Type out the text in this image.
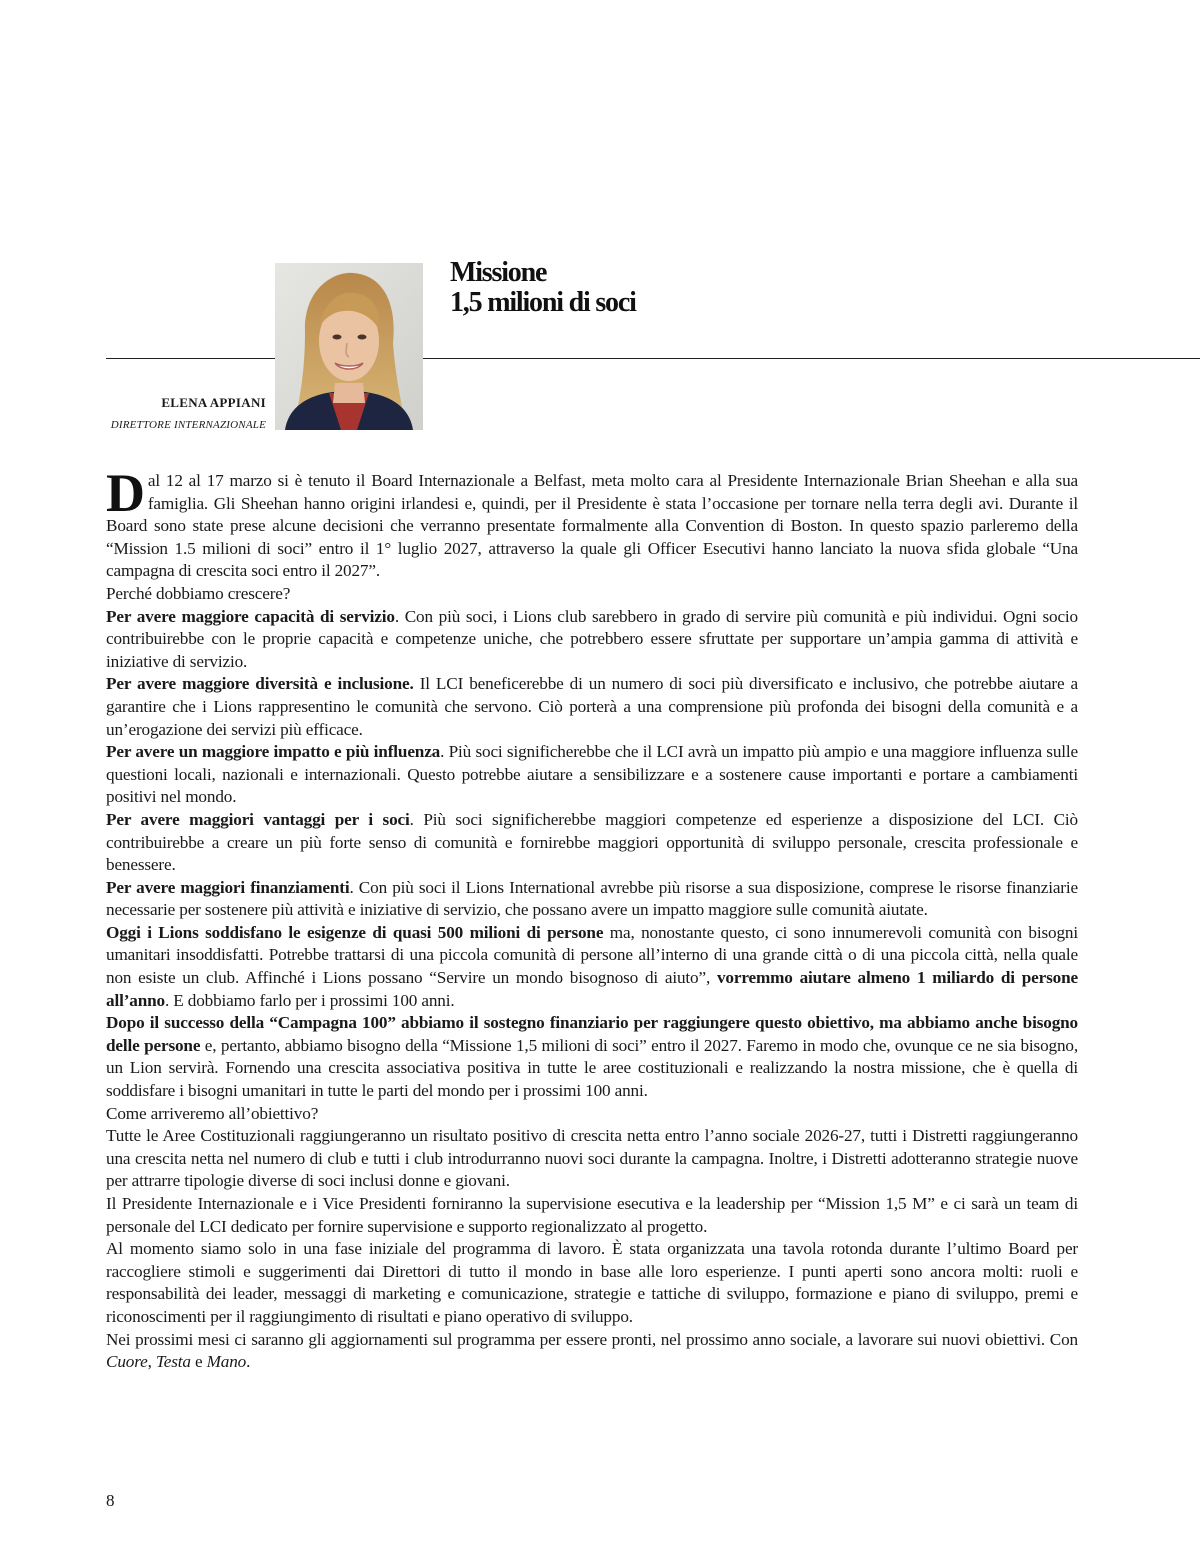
Missione
1,5 milioni di soci
ELENA APPIANI
DIRETTORE INTERNAZIONALE

Dal 12 al 17 marzo si è tenuto il Board Internazionale a Belfast, meta molto cara al Presidente Internazionale Brian Sheehan e alla sua famiglia. Gli Sheehan hanno origini irlandesi e, quindi, per il Presidente è stata l’occasione per tornare nella terra degli avi. Durante il Board sono state prese alcune decisioni che verranno presentate formalmente alla Convention di Boston. In questo spazio parleremo della “Mission 1.5 milioni di soci” entro il 1° luglio 2027, attraverso la quale gli Officer Esecutivi hanno lanciato la nuova sfida globale “Una campagna di crescita soci entro il 2027”.

Perché dobbiamo crescere?

Per avere maggiore capacità di servizio. Con più soci, i Lions club sarebbero in grado di servire più comunità e più individui. Ogni socio contribuirebbe con le proprie capacità e competenze uniche, che potrebbero essere sfruttate per supportare un’ampia gamma di attività e iniziative di servizio.

Per avere maggiore diversità e inclusione. Il LCI beneficerebbe di un numero di soci più diversificato e inclusivo, che potrebbe aiutare a garantire che i Lions rappresentino le comunità che servono. Ciò porterà a una comprensione più profonda dei bisogni della comunità e a un’erogazione dei servizi più efficace.

Per avere un maggiore impatto e più influenza. Più soci significherebbe che il LCI avrà un impatto più ampio e una maggiore influenza sulle questioni locali, nazionali e internazionali. Questo potrebbe aiutare a sensibilizzare e a sostenere cause importanti e portare a cambiamenti positivi nel mondo.

Per avere maggiori vantaggi per i soci. Più soci significherebbe maggiori competenze ed esperienze a disposizione del LCI. Ciò contribuirebbe a creare un più forte senso di comunità e fornirebbe maggiori opportunità di sviluppo personale, crescita professionale e benessere.

Per avere maggiori finanziamenti. Con più soci il Lions International avrebbe più risorse a sua disposizione, comprese le risorse finanziarie necessarie per sostenere più attività e iniziative di servizio, che possano avere un impatto maggiore sulle comunità aiutate.

Oggi i Lions soddisfano le esigenze di quasi 500 milioni di persone ma, nonostante questo, ci sono innumerevoli comunità con bisogni umanitari insoddisfatti. Potrebbe trattarsi di una piccola comunità di persone all’interno di una grande città o di una piccola città, nella quale non esiste un club. Affinché i Lions possano “Servire un mondo bisognoso di aiuto”, vorremmo aiutare almeno 1 miliardo di persone all’anno. E dobbiamo farlo per i prossimi 100 anni.

Dopo il successo della “Campagna 100” abbiamo il sostegno finanziario per raggiungere questo obiettivo, ma abbiamo anche bisogno delle persone e, pertanto, abbiamo bisogno della “Missione 1,5 milioni di soci” entro il 2027. Faremo in modo che, ovunque ce ne sia bisogno, un Lion servirà. Fornendo una crescita associativa positiva in tutte le aree costituzionali e realizzando la nostra missione, che è quella di soddisfare i bisogni umanitari in tutte le parti del mondo per i prossimi 100 anni.

Come arriveremo all’obiettivo?

Tutte le Aree Costituzionali raggiungeranno un risultato positivo di crescita netta entro l’anno sociale 2026-27, tutti i Distretti raggiungeranno una crescita netta nel numero di club e tutti i club introdurranno nuovi soci durante la campagna. Inoltre, i Distretti adotteranno strategie nuove per attrarre tipologie diverse di soci inclusi donne e giovani.

Il Presidente Internazionale e i Vice Presidenti forniranno la supervisione esecutiva e la leadership per “Mission 1,5 M” e ci sarà un team di personale del LCI dedicato per fornire supervisione e supporto regionalizzato al progetto.

Al momento siamo solo in una fase iniziale del programma di lavoro. È stata organizzata una tavola rotonda durante l’ultimo Board per raccogliere stimoli e suggerimenti dai Direttori di tutto il mondo in base alle loro esperienze. I punti aperti sono ancora molti: ruoli e responsabilità dei leader, messaggi di marketing e comunicazione, strategie e tattiche di sviluppo, formazione e piano di sviluppo, premi e riconoscimenti per il raggiungimento di risultati e piano operativo di sviluppo.

Nei prossimi mesi ci saranno gli aggiornamenti sul programma per essere pronti, nel prossimo anno sociale, a lavorare sui nuovi obiettivi. Con Cuore, Testa e Mano.

8
